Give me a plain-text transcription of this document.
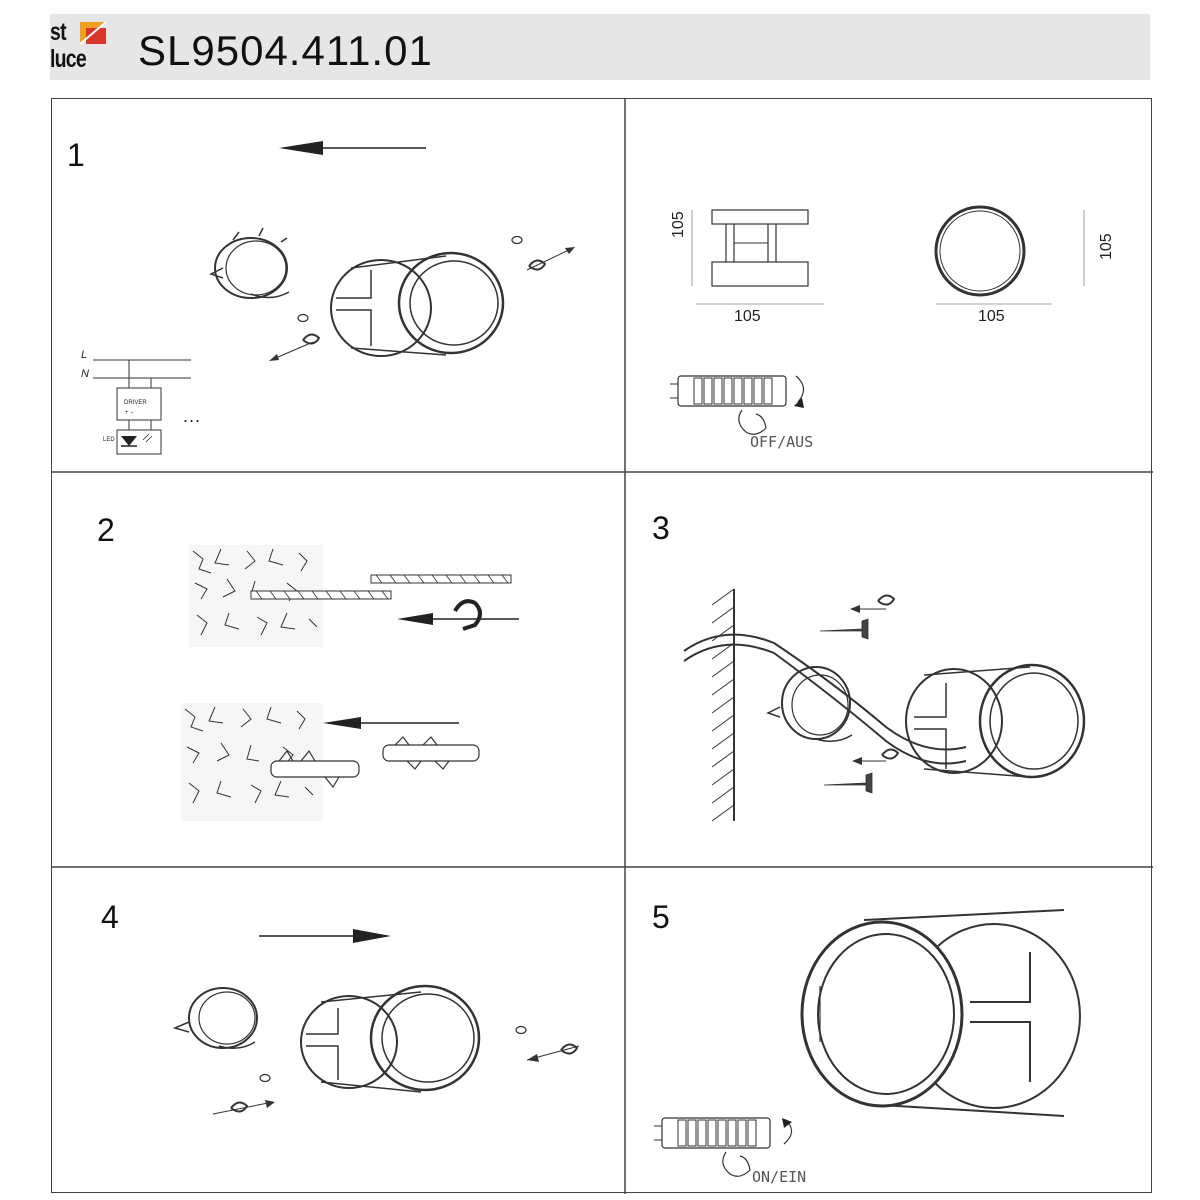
st
luce SL9504.411.01
1
L
N
DRIVER
+ −
LED
...
105
105	105
105
OFF/AUS
2	3
4	5
ON/EIN
